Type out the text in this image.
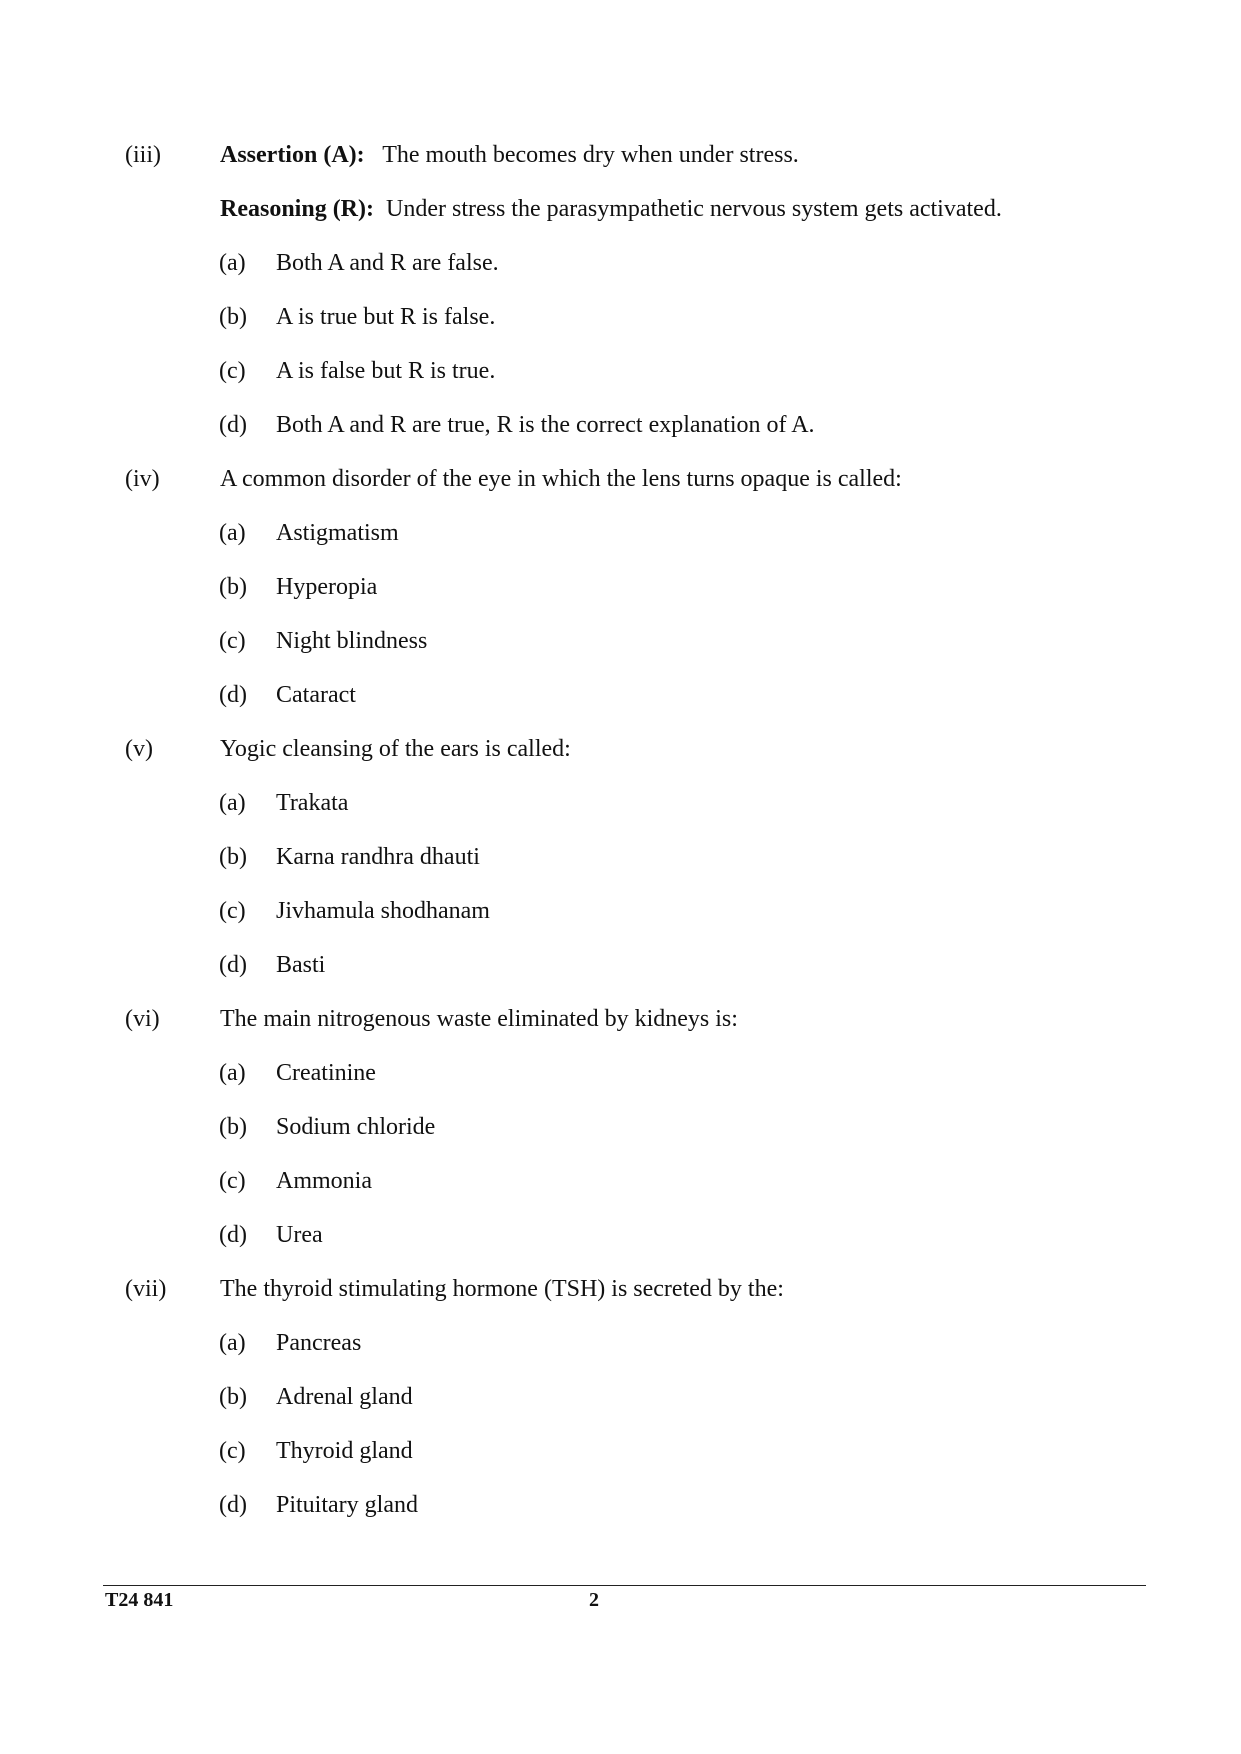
(iii) Assertion (A): The mouth becomes dry when under stress.
Reasoning (R): Under stress the parasympathetic nervous system gets activated.
(a) Both A and R are false.
(b) A is true but R is false.
(c) A is false but R is true.
(d) Both A and R are true, R is the correct explanation of A.
(iv)	A common disorder of the eye in which the lens turns opaque is called:
(a) Astigmatism
(b) Hyperopia
(c) Night blindness
(d) Cataract
(v)	Yogic cleansing of the ears is called:
(a) Trakata
(b) Karna randhra dhauti
(c) Jivhamula shodhanam
(d) Basti
(vi)	The main nitrogenous waste eliminated by kidneys is:
(a) Creatinine
(b) Sodium chloride
(c) Ammonia
(d) Urea
(vii) The thyroid stimulating hormone (TSH) is secreted by the:
(a) Pancreas
(b) Adrenal gland
(c) Thyroid gland
(d) Pituitary gland
T24 841	2
